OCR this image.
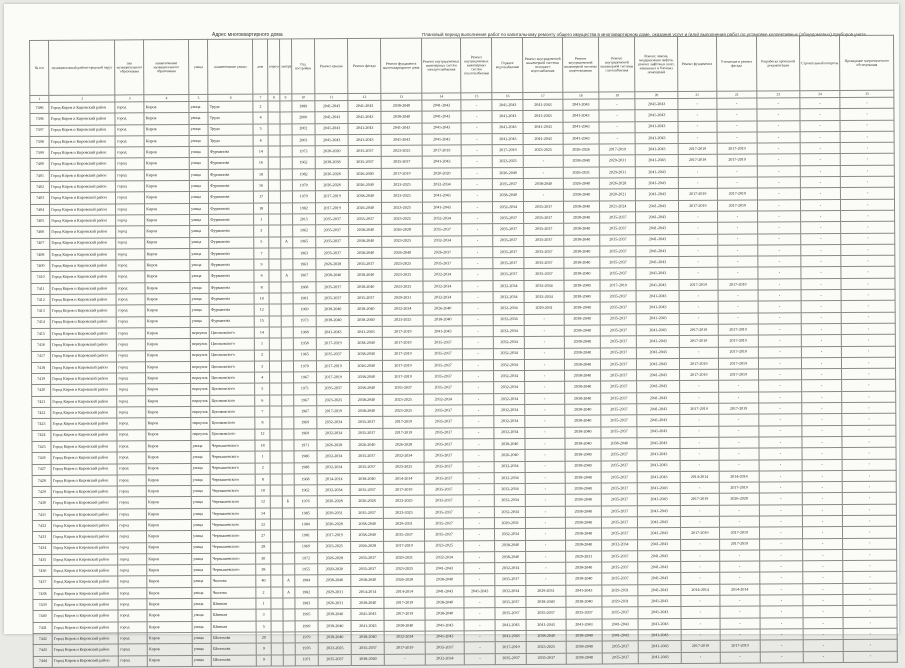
Адрес многоквартирного дома	Плановый период выполнения работ по капитальному ремонту общего имущества в многоквартирном доме, оказания услуг и (или) выполнения работ по установке коллективных (общедомовых) приборов учета
№ п/п	муниципальный район/городской округ	тип муниципального образования	наименование муниципального образования	улица	наименование улицы	дом	корпус	литера	Год постройки	Ремонт крыши	Ремонт фасада	Ремонт фундамента многоквартирного дома	Ремонт внутридомовых инженерных систем электроснабжения	Ремонт внутридомовых инженерных систем теплоснабжения	Горячее водоснабжение	Ремонт внутридомовой инженерной системы холодного водоснабжения	Ремонт внутридомовой инженерной системы водоотведения	Ремонт внутридомовой инженерной системы газоснабжения	Ремонт, замена, модернизация лифтов, ремонт лифтовых шахт, машинных и блочных помещений	Ремонт фундамента	Утепление и ремонт фасада	Разработка проектной документации	Строительный контроль	Проведение энергетического обследования
1	2	3	4	5	6	7	8	9	10	11	12	13	14	15	16	17	18	19	20	21	22	23	24	25
7386	Город Киров и Кировский район	город	Киров	улица	Труда	2			1989	2041-2043	2041-2043	2038-2040	2041-2043	-	2041-2043	2041-2043	2041-2043	-	2041-2043	-	-	-	-	-
7396	Город Киров и Кировский район	город	Киров	улица	Труда	4			2000	2041-2043	2041-2043	2038-2040	2041-2043	-	2041-2043	2041-2043	2041-2043	-	2041-2043	-	-	-	-	-
7397	Город Киров и Кировский район	город	Киров	улица	Труда	5			2002	2041-2043	2041-2043	2041-2043	2041-2043	-	2041-2043	2041-2043	2041-2043	-	2041-2043	-	-	-	-	-
7398	Город Киров и Кировский район	город	Киров	улица	Труда	6			2003	2041-2043	2041-2043	2041-2043	2041-2043	-	2041-2043	2041-2043	2041-2043	-	2041-2043	-	-	-	-	-
7399	Город Киров и Кировский район	город	Киров	улица	Фурманова	14			1973	2020-2020	2035-2037	2023-2025	2017-2019	-	2017-2019	2023-2025	2026-2026	2017-2019	2041-2043	2017-2019	2017-2019	-	-	-
7400	Город Киров и Кировский район	город	Киров	улица	Фурманова	16			1962	2038-2038	2035-2037	2035-2037	2041-2043	-	2023-2025	-	2038-2040	2029-2031	2041-2043	2017-2019	2017-2019	-	-	-
7401	Город Киров и Кировский район	город	Киров	улица	Фурманова	18			1982	2026-2028	2026-2040	2017-2019	2020-2020	-	2026-2040	-	2026-2031	2029-2031	2041-2043	-	-	-	-	-
7402	Город Киров и Кировский район	город	Киров	улица	Фурманова	16			1970	2026-2028	2026-2040	2023-2025	2032-2034	-	2035-2037	2038-2040	2026-2040	2026-2028	2041-2043	-	-	-	-	-
7403	Город Киров и Кировский район	город	Киров	улица	Фурманова	17			1979	2017-2019	2038-2040	2023-2025	2041-2043	-	2038-2040	-	2038-2040	2020-2021	2041-2043	2017-2019	2017-2019	-	-	-
7404	Город Киров и Кировский район	город	Киров	улица	Фурманова	18			1982	2017-2019	2026-2040	2023-2025	2041-2043	-	2032-2034	2035-2037	2038-2040	2021-2024	2041-2043	2017-2019	2017-2019	-	-	-
7405	Город Киров и Кировский район	город	Киров	улица	Фурманова	1			2015	2035-2037	2035-2037	2023-2025	2032-2034	-	2035-2037	2035-2037	2038-2040	2035-2037	2041-2043	-	-	-	-	-
7406	Город Киров и Кировский район	город	Киров	улица	Фурманова	3			1962	2035-2037	2038-2040	2026-2028	2035-2037	-	2035-2037	2035-2037	2038-2040	2035-2037	2041-2043	-	-	-	-	-
7407	Город Киров и Кировский район	город	Киров	улица	Фурманова	5		А	1965	2035-2037	2038-2040	2023-2025	2032-2034	-	2035-2037	2035-2037	2038-2040	2035-2037	2041-2043	-	-	-	-	-
7408	Город Киров и Кировский район	город	Киров	улица	Фурманова	7			1963	2035-2037	2038-2040	2026-2040	2026-2037	-	2035-2037	2035-2037	2038-2040	2035-2037	2041-2043	-	-	-	-	-
7409	Город Киров и Кировский район	город	Киров	улица	Фурманова	9			1963	2026-2028	2035-2037	2023-2025	2035-2037	-	2035-2037	2035-2037	2038-2040	2035-2037	2041-2043	-	-	-	-	-
7410	Город Киров и Кировский район	город	Киров	улица	Фурманова	6		А	1967	2038-2040	2038-2040	2023-2025	2032-2034	-	2035-2037	2035-2037	2038-2040	2035-2037	2041-2043	-	-	-	-	-
7411	Город Киров и Кировский район	город	Киров	улица	Фурманова	8			1968	2035-2037	2038-2040	2023-2025	2032-2034	-	2032-2034	2032-2034	2038-2040	2017-2019	2041-2043	2017-2019	2017-2019	-	-	-
7412	Город Киров и Кировский район	город	Киров	улица	Фурманова	10			1981	2035-2037	2035-2037	2029-2031	2032-2034	-	2032-2034	2032-2034	2038-2040	2035-2037	2041-2043	-	-	-	-	-
7413	Город Киров и Кировский район	город	Киров	улица	Фурманова	12			1969	2038-2040	2038-2040	2032-2034	2026-2040	-	2032-2034	2029-2031	2038-2040	2035-2037	2041-2043	-	-	-	-	-
7414	Город Киров и Кировский район	город	Киров	улица	Фурманова	15			1973	2038-2040	2038-2040	2023-2025	2038-2040	-	2032-2034	-	2038-2040	2035-2037	2041-2043	-	-	-	-	-
7415	Город Киров и Кировский район	город	Киров	переулок	Циолковского	14			1968	2041-2043	2041-2043	2017-2019	2041-2043	-	2032-2034	-	2038-2040	2035-2037	2041-2043	2017-2019	2017-2019	-	-	-
7416	Город Киров и Кировский район	город	Киров	переулок	Циолковского	1			1958	2017-2019	2038-2040	2017-2019	2035-2037	-	2032-2034	-	2038-2040	2035-2037	2041-2043	2017-2019	2017-2019	-	-	-
7417	Город Киров и Кировский район	город	Киров	переулок	Циолковского	2			1965	2035-2037	2038-2040	2017-2019	2035-2037	-	2032-2034	-	2038-2040	2035-2037	2041-2043	-	2017-2019	-	-	-
7418	Город Киров и Кировский район	город	Киров	переулок	Циолковского	3			1970	2017-2019	2026-2040	2017-2019	2035-2037	-	2032-2034	-	2038-2040	2035-2037	2041-2043	2017-2019	2017-2019	-	-	-
7419	Город Киров и Кировский район	город	Киров	переулок	Циолковского	4			1967	2017-2019	2038-2040	2017-2019	2035-2037	-	2032-2034	-	2038-2040	2035-2037	2041-2043	2017-2019	2017-2019	-	-	-
7420	Город Киров и Кировский район	город	Киров	переулок	Циолковского	5			1971	2035-2037	2038-2040	2035-2037	2035-2037	-	2032-2034	-	2038-2040	2035-2037	2041-2043	-	-	-	-	-
7421	Город Киров и Кировский район	город	Киров	переулок	Циолковского	6			1967	2023-2025	2038-2040	2023-2025	2032-2034	-	2032-2034	-	2038-2040	2035-2037	2041-2043	-	-	-	-	-
7422	Город Киров и Кировский район	город	Киров	переулок	Циолковского	7			1967	2017-2019	2038-2040	2023-2025	2035-2037	-	2032-2034	-	2038-2040	2035-2037	2041-2043	2017-2019	2017-2019	-	-	-
7423	Город Киров и Кировский район	город	Киров	переулок	Циолковского	8			1969	2032-2034	2035-2037	2017-2019	2035-2037	-	2032-2034	-	2038-2040	2035-2037	2041-2043	-	-	-	-	-
7424	Город Киров и Кировский район	город	Киров	переулок	Циолковского	12			1969	2032-2034	2035-2037	2017-2019	2035-2037	-	2032-2034	-	2038-2040	2035-2037	2041-2043	-	-	-	-	-
7425	Город Киров и Кировский район	город	Киров	улица	Чернышевского	18			1971	2026-2028	2026-2040	2026-2028	2035-2037	-	2038-2040	-	2038-2040	2038-2040	2041-2043	-	-	-	-	-
7426	Город Киров и Кировский район	город	Киров	улица	Чернышевского	1			1986	2032-2034	2035-2037	2032-2034	2035-2037	-	2026-2040	-	2038-2040	2035-2037	2041-2043	-	-	-	-	-
7427	Город Киров и Кировский район	город	Киров	улица	Чернышевского	2			1988	2032-2034	2035-2037	2023-2025	2035-2037	-	2032-2034	-	2038-2040	2035-2037	2041-2043	-	-	-	-	-
7428	Город Киров и Кировский район	город	Киров	улица	Чернышевского	8			1968	2014-2014	2038-2040	2014-2014	2035-2037	-	2032-2034	-	2038-2040	2035-2037	2041-2043	2014-2014	2014-2014	-	-	-
7429	Город Киров и Кировский район	город	Киров	улица	Чернышевского	10			1962	2032-2034	2035-2037	2017-2019	2035-2037	-	2032-2034	-	2038-2040	2035-2037	2041-2043	-	2017-2019	-	-	-
7430	Город Киров и Кировский район	город	Киров	улица	Чернышевского	12		Б	1976	2026-2028	2026-2028	2023-2025	2035-2037	-	2032-2034	-	2038-2040	2035-2037	2041-2043	2017-2019	2026-2028	-	-	-
7431	Город Киров и Кировский район	город	Киров	улица	Чернышевского	14			1985	2029-2031	2035-2037	2023-2025	2035-2037	-	2032-2034	-	2038-2040	2035-2037	2041-2043	-	-	-	-	-
7432	Город Киров и Кировский район	город	Киров	улица	Чернышевского	22			1984	2026-2028	2038-2040	2029-2031	2035-2037	-	2029-2031	-	2038-2040	2035-2037	2041-2043	-	-	-	-	-
7433	Город Киров и Кировский район	город	Киров	улица	Чернышевского	27			1981	2017-2019	2038-2040	2035-2037	2035-2037	-	2032-2034	-	2038-2040	2035-2037	2041-2043	2017-2019	2017-2019	-	-	-
7434	Город Киров и Кировский район	город	Киров	улица	Чернышевского	28			1969	2023-2025	2026-2028	2017-2019	2023-2025	-	2038-2040	-	2038-2040	2032-2034	2041-2043	-	2017-2019	-	-	-
7435	Город Киров и Кировский район	город	Киров	улица	Чернышевского	30			1972	2026-2028	2035-2037	2029-2031	2032-2034	-	2038-2040	-	2029-2031	2035-2037	2041-2043	-	-	-	-	-
7436	Город Киров и Кировский район	город	Киров	улица	Чернышевского	38			1955	2020-2020	2035-2037	2023-2025	2041-2043	-	2032-2034	-	2038-2040	2035-2037	2041-2043	-	-	-	-	-
7437	Город Киров и Кировский район	город	Киров	улица	Чкалова	40		А	1984	2038-2040	2038-2040	2026-2028	2038-2040	-	2035-2037	-	2038-2040	2035-2037	2041-2043	-	-	-	-	-
7438	Город Киров и Кировский район	город	Киров	улица	Чкалова	2		А	1982	2029-2031	2014-2014	2014-2014	2041-2043	2041-2043	2032-2034	2029-2031	2041-2043	2029-2031	2041-2043	2014-2014	2014-2014	-	-	-
7439	Город Киров и Кировский район	город	Киров	улица	Шинная	1			1983	2026-2031	2038-2040	2017-2019	2038-2040	-	2035-2037	2038-2040	2038-2040	2029-2031	2041-2043	-	-	-	-	-
7440	Город Киров и Кировский район	город	Киров	улица	Шинная	3			1995	2038-2040	2041-2043	2017-2019	2038-2040	-	2035-2037	2035-2037	2035-2037	2035-2037	2041-2043	-	-	-	-	-
7441	Город Киров и Кировский район	город	Киров	улица	Шинная	5			1999	2038-2040	2041-2043	2038-2040	2041-2043	-	2041-2043	2041-2043	2041-2043	2041-2043	2041-2043	-	-	-	-	-
7442	Город Киров и Кировский район	город	Киров	улица	Шолохова	20			1979	2038-2040	2038-2040	2032-2034	2041-2043	-	2041-2043	2038-2040	2038-2040	2041-2043	2041-2043	-	-	-	-	-
7443	Город Киров и Кировский район	город	Киров	улица	Шолохова	9			1976	2023-2025	2035-2037	2017-2019	2035-2037	-	2017-2019	2023-2025	2038-2040	2035-2037	2041-2043	2017-2019	2017-2019	-	-	-
7444	Город Киров и Кировский район	город	Киров	улица	Шолохова	9			1971	2035-2037	2038-2040	-	2032-2034	-	2035-2037	2035-2037	2038-2040	2035-2037	2041-2043	-	-	-	-	-
